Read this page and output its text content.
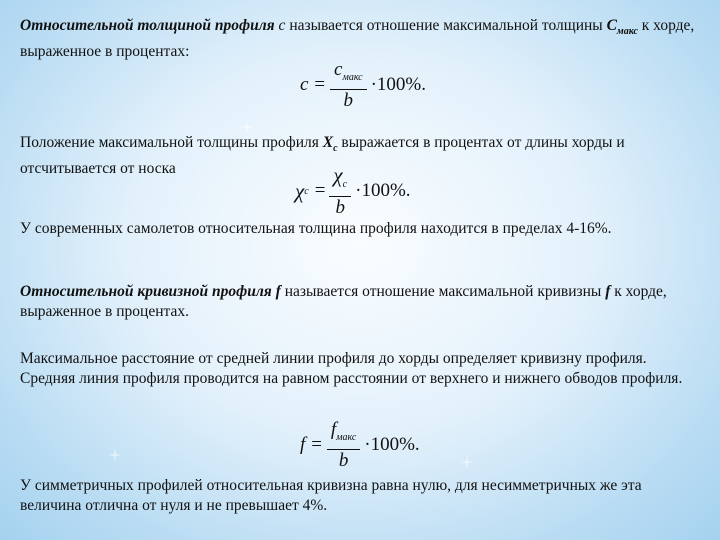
Относительной толщиной профиля с называется отношение максимальной толщины $С_{макс}$ к хорде, выраженное в процентах:
$c = \frac{c_{макс}}{b} \cdot 100\%$.
Положение максимальной толщины профиля $Х_с$ выражается в процентах от длины хорды и отсчитывается от носка
χ $c = \frac{\chi_c}{b} \cdot 100\%$.
У современных самолетов относительная толщина профиля находится в пределах 4-16%.
Относительной кривизной профиля f называется отношение максимальной кривизны f к хорде, выраженное в процентах.
Максимальное расстояние от средней линии профиля до хорды определяет кривизну профиля. Средняя линия профиля проводится на равном расстоянии от верхнего и нижнего обводов профиля.
$f = \frac{f_{макс}}{b} \cdot 100\%$.
У симметричных профилей относительная кривизна равна нулю, для несимметричных же эта величина отлична от нуля и не превышает 4%.
